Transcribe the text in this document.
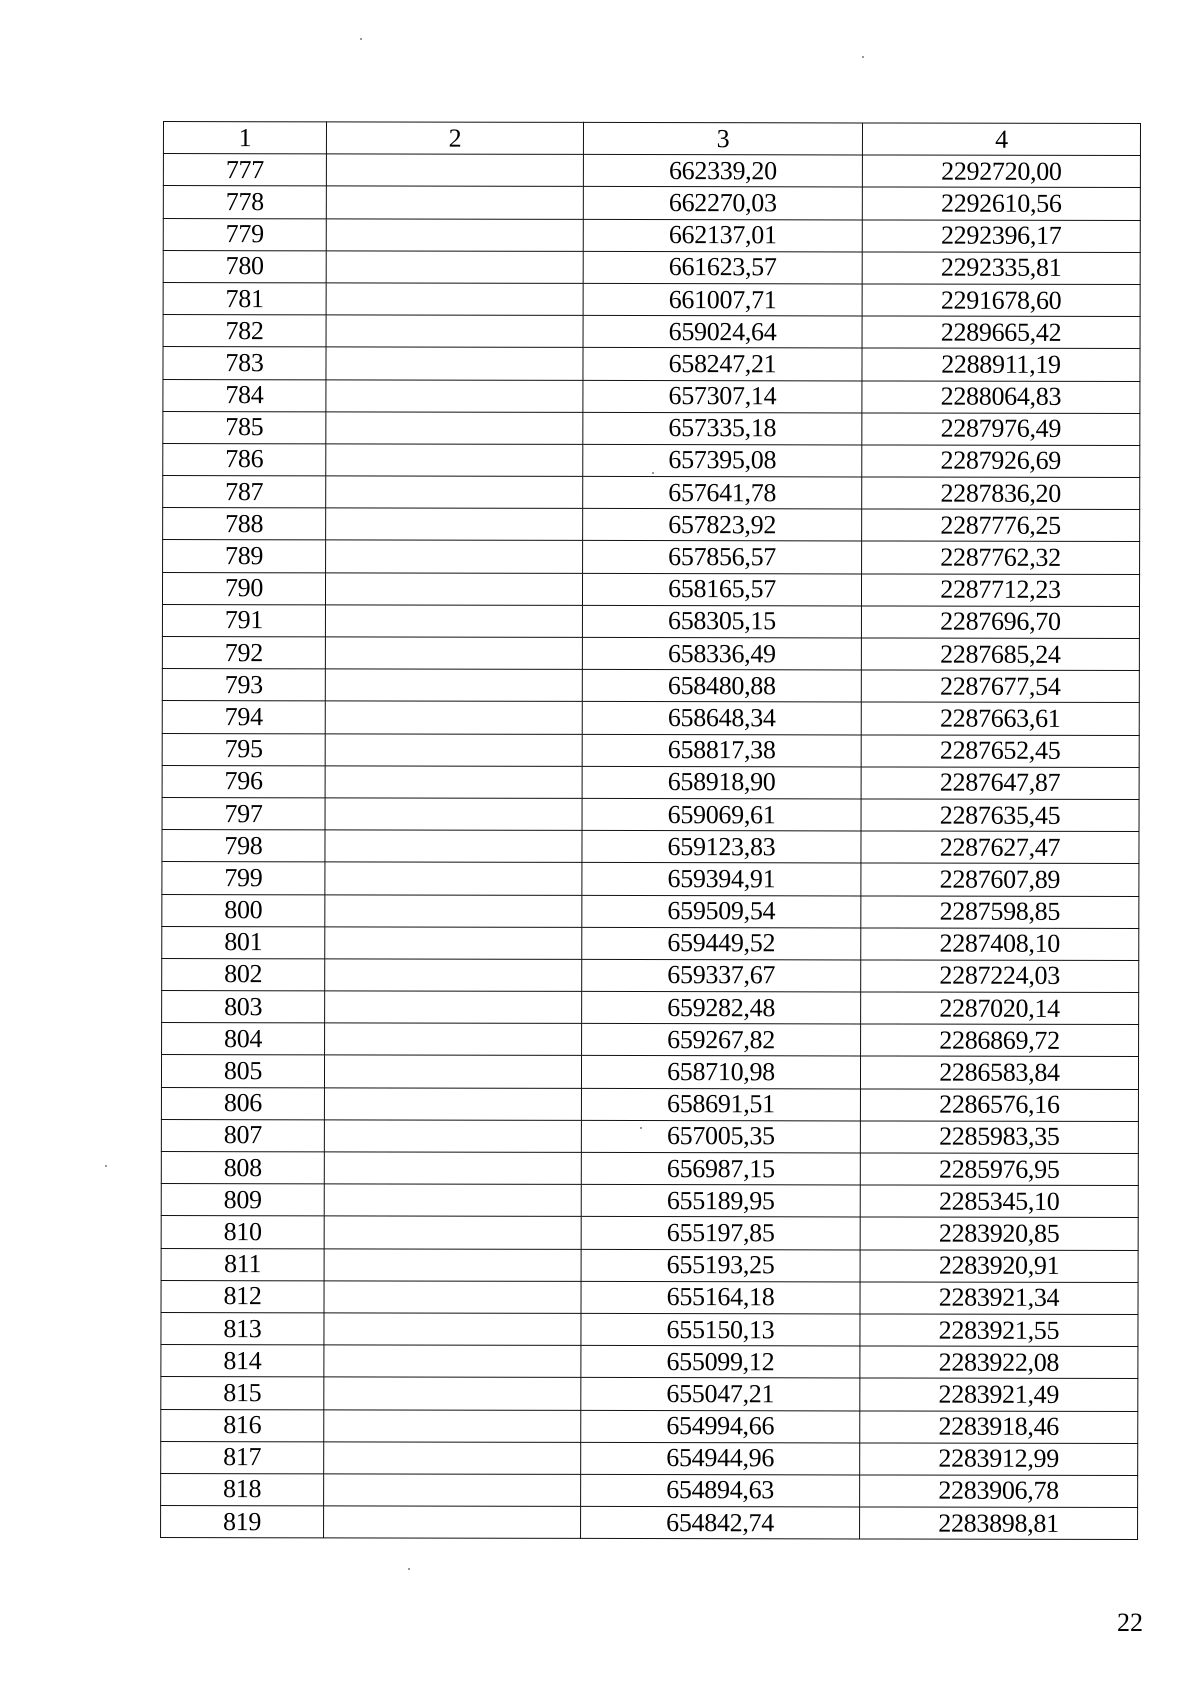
1	2	3	4
777		662339,20	2292720,00
778		662270,03	2292610,56
779		662137,01	2292396,17
780		661623,57	2292335,81
781		661007,71	2291678,60
782		659024,64	2289665,42
783		658247,21	2288911,19
784		657307,14	2288064,83
785		657335,18	2287976,49
786		657395,08	2287926,69
787		657641,78	2287836,20
788		657823,92	2287776,25
789		657856,57	2287762,32
790		658165,57	2287712,23
791		658305,15	2287696,70
792		658336,49	2287685,24
793		658480,88	2287677,54
794		658648,34	2287663,61
795		658817,38	2287652,45
796		658918,90	2287647,87
797		659069,61	2287635,45
798		659123,83	2287627,47
799		659394,91	2287607,89
800		659509,54	2287598,85
801		659449,52	2287408,10
802		659337,67	2287224,03
803		659282,48	2287020,14
804		659267,82	2286869,72
805		658710,98	2286583,84
806		658691,51	2286576,16
807		657005,35	2285983,35
808		656987,15	2285976,95
809		655189,95	2285345,10
810		655197,85	2283920,85
811		655193,25	2283920,91
812		655164,18	2283921,34
813		655150,13	2283921,55
814		655099,12	2283922,08
815		655047,21	2283921,49
816		654994,66	2283918,46
817		654944,96	2283912,99
818		654894,63	2283906,78
819		654842,74	2283898,81
22
